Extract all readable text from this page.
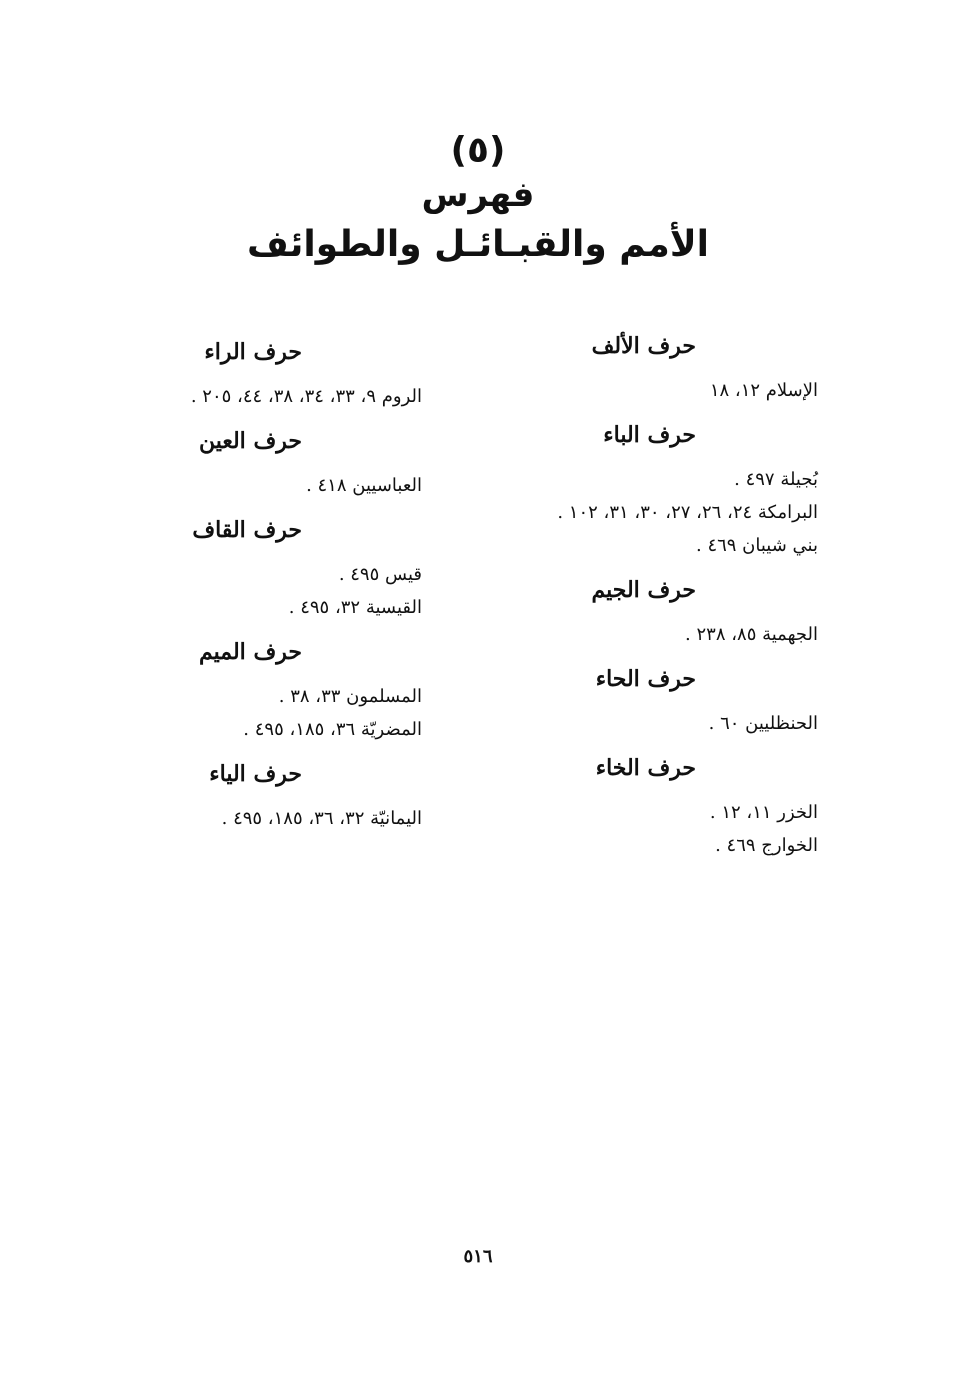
(٥)
فهرس
الأمم والقبـائـل والطوائف
حرف الألف
الإسلام ١٢، ١٨
حرف الباء
بُجيلة ٤٩٧ .
البرامكة ٢٤، ٢٦، ٢٧، ٣٠، ٣١، ١٠٢ .
بني شيبان ٤٦٩ .
حرف الجيم
الجهمية ٨٥، ٢٣٨ .
حرف الحاء
الحنظليين ٦٠ .
حرف الخاء
الخزر ١١، ١٢ .
الخوارج ٤٦٩ .
حرف الراء
الروم ٩، ٣٣، ٣٤، ٣٨، ٤٤، ٢٠٥ .
حرف العين
العباسيين ٤١٨ .
حرف القاف
قيس ٤٩٥ .
القيسية ٣٢، ٤٩٥ .
حرف الميم
المسلمون ٣٣، ٣٨ .
المضريّة ٣٦، ١٨٥، ٤٩٥ .
حرف الياء
اليمانيّة ٣٢، ٣٦، ١٨٥، ٤٩٥ .
٥١٦
